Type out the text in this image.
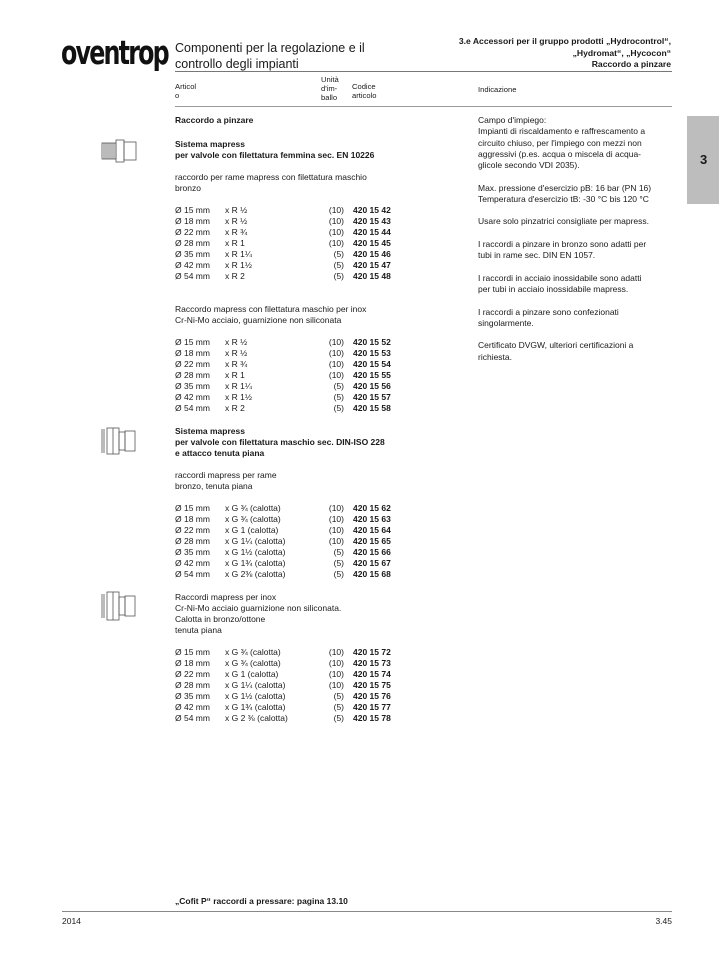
oventrop Componenti per la regolazione e il controllo degli impianti
3.e Accessori per il gruppo prodotti „Hydrocontrol“,
„Hydromat“, „Hycocon“
Raccordo a pinzare
Articol
o
Unità
d'im-
ballo
Codice
articolo
Indicazione
3
Raccordo a pinzare
Sistema mapress
per valvole con filettatura femmina sec. EN 10226
raccordo per rame mapress con filettatura maschio
bronzo
Ø 15 mm x R ½	(10) 420 15 42
Ø 18 mm x R ½	(10) 420 15 43
Ø 22 mm x R ¾	(10) 420 15 44
Ø 28 mm x R 1	(10) 420 15 45
Ø 35 mm x R 1¼	(5) 420 15 46
Ø 42 mm x R 1½	(5) 420 15 47
Ø 54 mm x R 2	(5) 420 15 48
Raccordo mapress con filettatura maschio per inox
Cr-Ni-Mo acciaio, guarnizione non siliconata
Ø 15 mm x R ½	(10) 420 15 52
Ø 18 mm x R ½	(10) 420 15 53
Ø 22 mm x R ¾	(10) 420 15 54
Ø 28 mm x R 1	(10) 420 15 55
Ø 35 mm x R 1¼	(5) 420 15 56
Ø 42 mm x R 1½	(5) 420 15 57
Ø 54 mm x R 2	(5) 420 15 58
Sistema mapress
per valvole con filettatura maschio sec. DIN-ISO 228
e attacco tenuta piana
raccordi mapress per rame
bronzo, tenuta piana
Ø 15 mm x G ¾ (calotta)	(10) 420 15 62
Ø 18 mm x G ¾ (calotta)	(10) 420 15 63
Ø 22 mm x G 1 (calotta)	(10) 420 15 64
Ø 28 mm x G 1¼ (calotta)	(10) 420 15 65
Ø 35 mm x G 1½ (calotta)	(5) 420 15 66
Ø 42 mm x G 1¾ (calotta)	(5) 420 15 67
Ø 54 mm x G 2⅜ (calotta)	(5) 420 15 68
Raccordi mapress per inox
Cr-Ni-Mo acciaio guarnizione non siliconata.
Calotta in bronzo/ottone
tenuta piana
Ø 15 mm x G ¾ (calotta)	(10) 420 15 72
Ø 18 mm x G ¾ (calotta)	(10) 420 15 73
Ø 22 mm x G 1 (calotta)	(10) 420 15 74
Ø 28 mm x G 1¼ (calotta)	(10) 420 15 75
Ø 35 mm x G 1½ (calotta)	(5) 420 15 76
Ø 42 mm x G 1¾ (calotta)	(5) 420 15 77
Ø 54 mm x G 2 ⅜ (calotta)	(5) 420 15 78

Campo d'impiego:
Impianti di riscaldamento e raffrescamento a
circuito chiuso, per l'impiego con mezzi non
aggressivi (p.es. acqua o miscela di acqua-
glicole secondo VDI 2035).

Max. pressione d'esercizio pB: 16 bar (PN 16)
Temperatura d'esercizio tB: -30 °C bis 120 °C

Usare solo pinzatrici consigliate per mapress.

I raccordi a pinzare in bronzo sono adatti per
tubi in rame sec. DIN EN 1057.

I raccordi in acciaio inossidabile sono adatti
per tubi in acciaio inossidabile mapress.

I raccordi a pinzare sono confezionati
singolarmente.

Certificato DVGW, ulteriori certificazioni a
richiesta.

„Cofit P“ raccordi a pressare: pagina 13.10
2014	3.45
